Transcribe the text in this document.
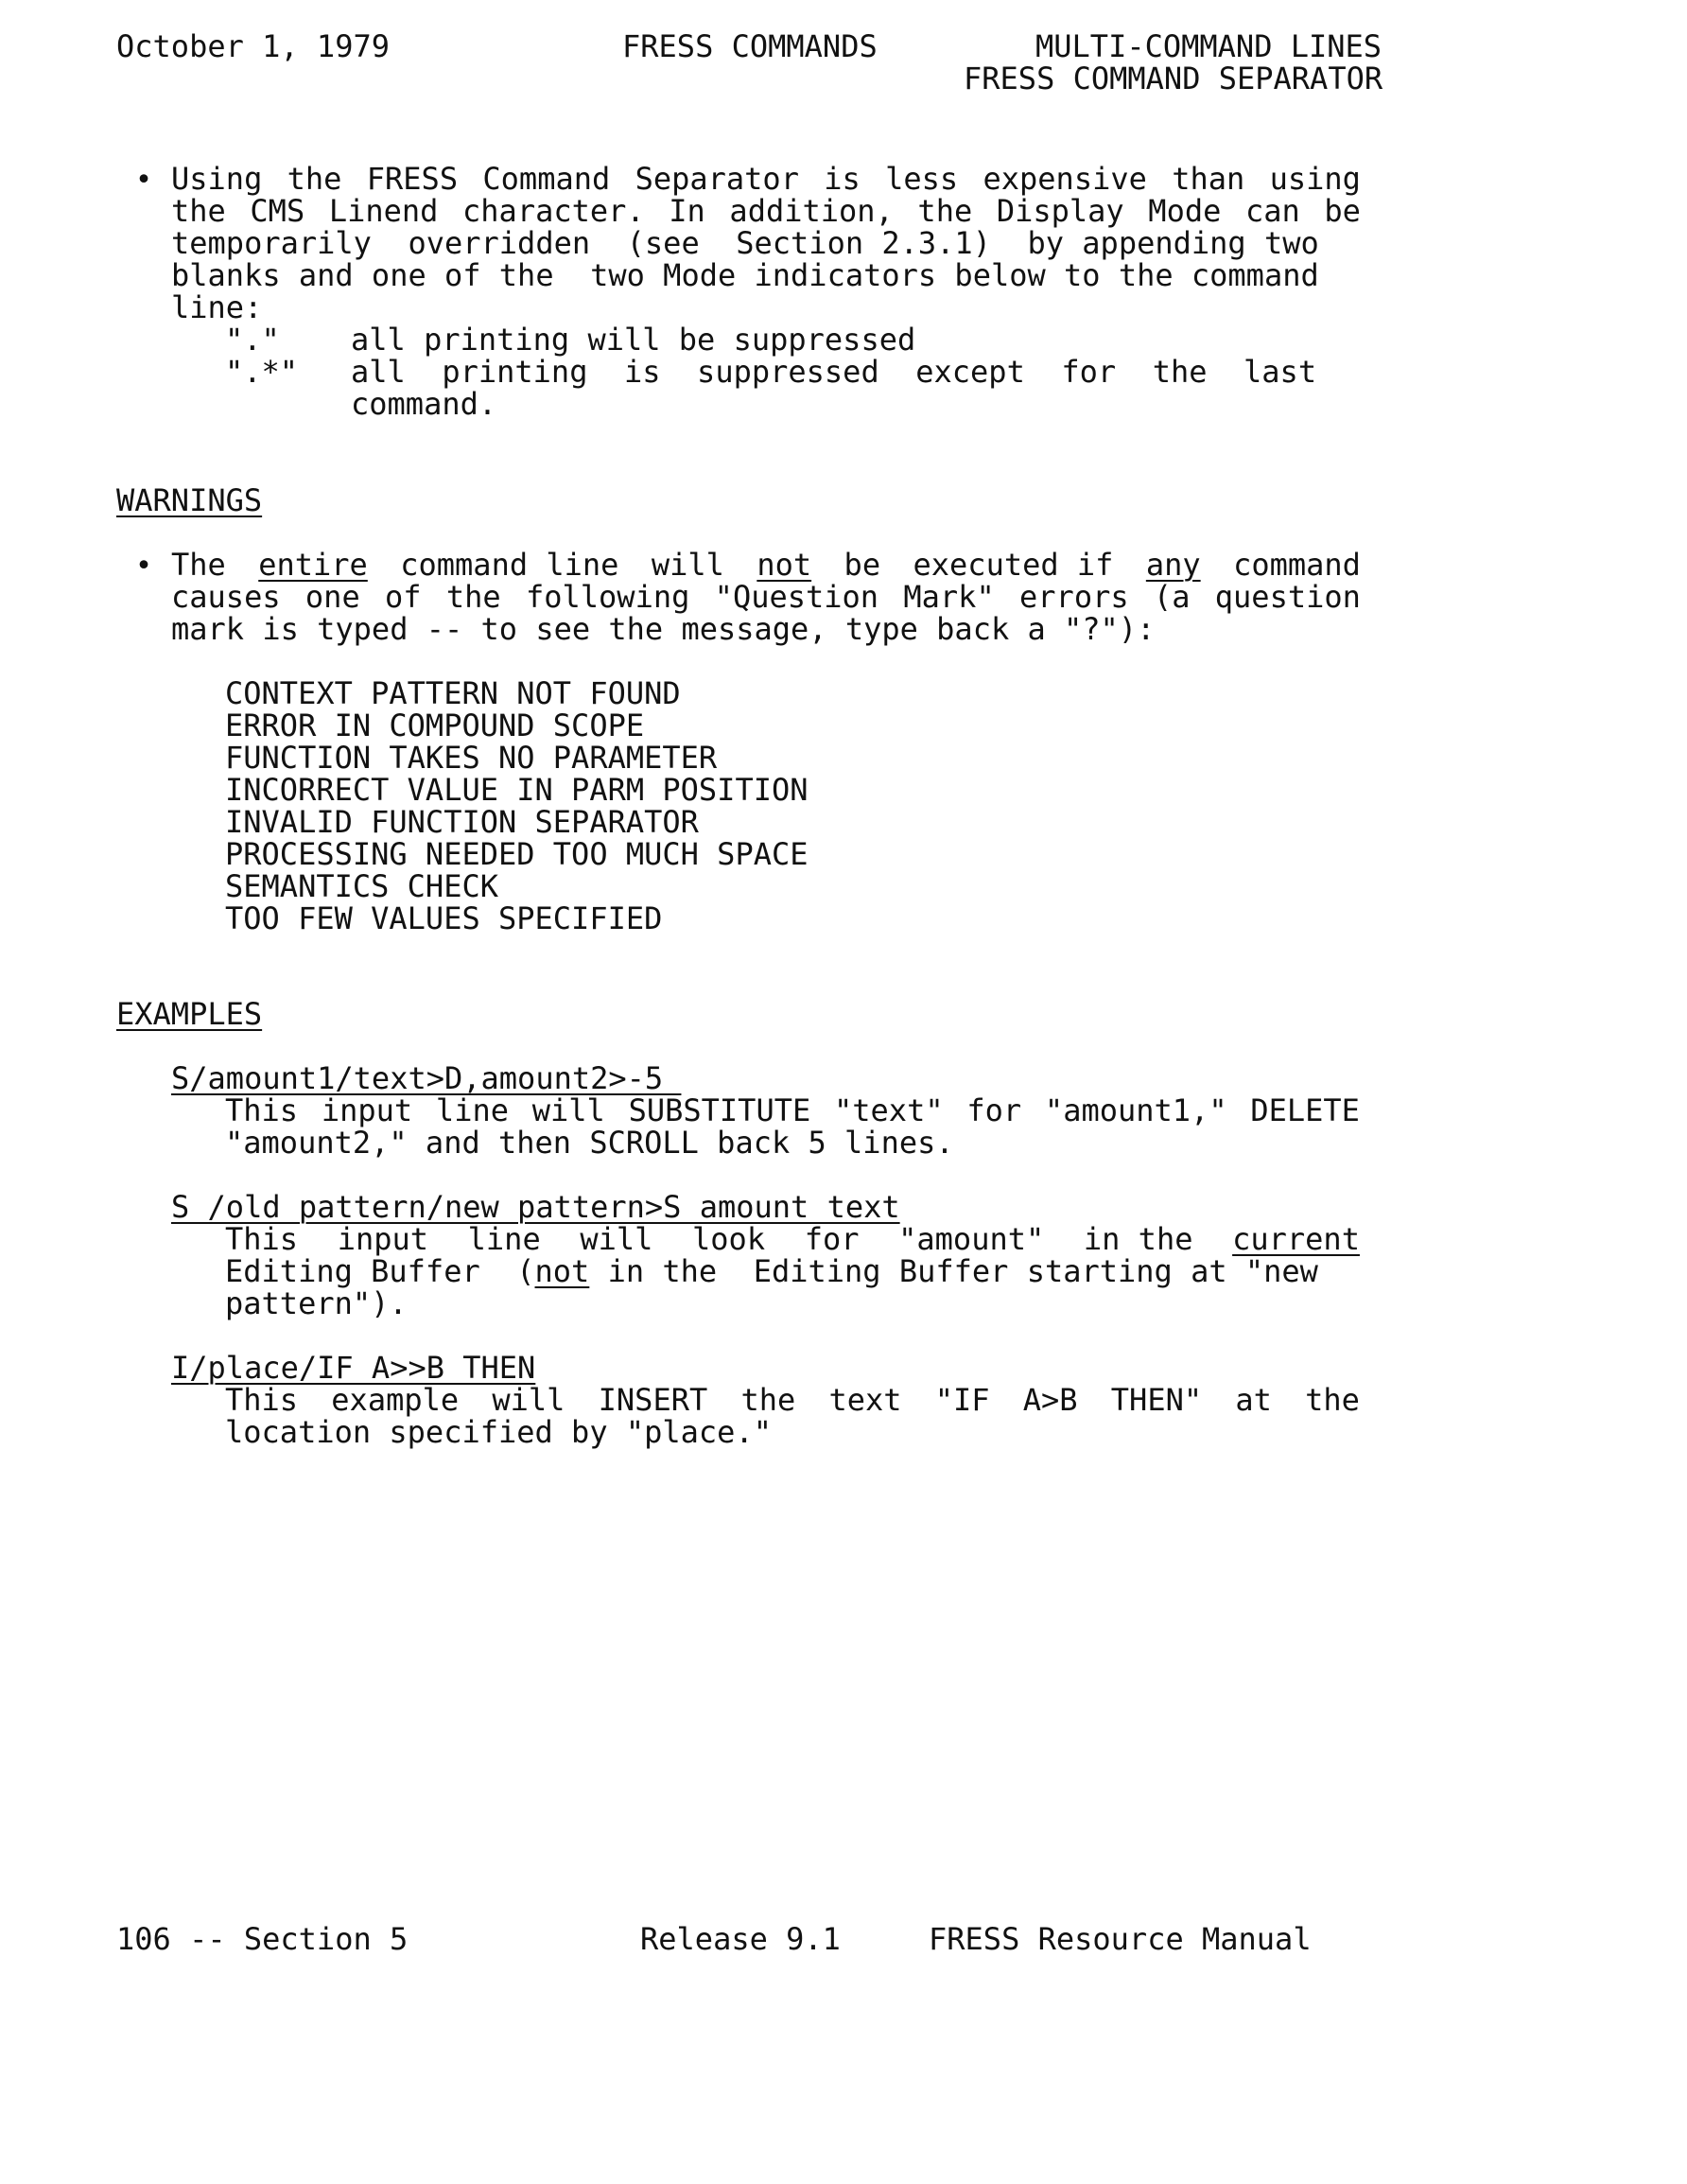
October 1, 1979	FRESS COMMANDS	MULTI-COMMAND LINES
FRESS COMMAND SEPARATOR
• Using the FRESS Command Separator is less expensive than using
the CMS Linend character. In addition, the Display Mode can be
temporarily  overridden  (see  Section 2.3.1)  by appending two
blanks and one of the  two Mode indicators below to the command
line:
"." all printing will be suppressed
".*" all  printing  is  suppressed  except  for  the  last
command.
WARNINGS
• The entire command line will not be executed if any command
causes one of the following "Question Mark" errors (a question
mark is typed -- to see the message, type back a "?"):
CONTEXT PATTERN NOT FOUND
ERROR IN COMPOUND SCOPE
FUNCTION TAKES NO PARAMETER
INCORRECT VALUE IN PARM POSITION
INVALID FUNCTION SEPARATOR
PROCESSING NEEDED TOO MUCH SPACE
SEMANTICS CHECK
TOO FEW VALUES SPECIFIED
EXAMPLES
S/amount1/text>D,amount2>-5
This input line will SUBSTITUTE "text" for "amount1," DELETE
"amount2," and then SCROLL back 5 lines.
S /old pattern/new pattern>S amount text
This input line will look for "amount" in the current
Editing Buffer  (not in the  Editing Buffer starting at "new
pattern").
I/place/IF A>>B THEN
This example will INSERT the text "IF A>B THEN" at the
location specified by "place."
106 -- Section 5	Release 9.1	FRESS Resource Manual
